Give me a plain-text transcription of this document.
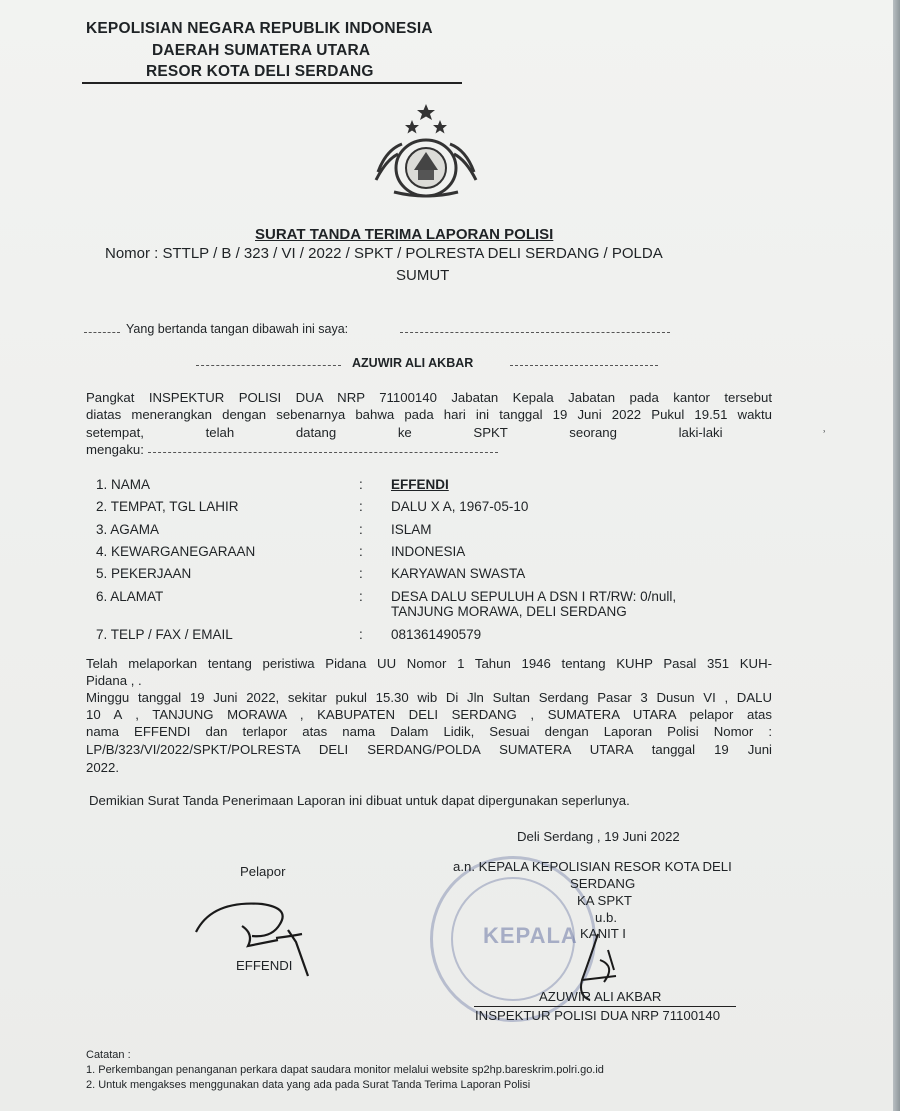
KEPOLISIAN NEGARA REPUBLIK INDONESIA
DAERAH SUMATERA UTARA
RESOR KOTA DELI SERDANG
SURAT TANDA TERIMA LAPORAN POLISI
Nomor : STTLP / B / 323 / VI / 2022 / SPKT / POLRESTA DELI SERDANG / POLDA
SUMUT
Yang bertanda tangan dibawah ini saya:
AZUWIR ALI AKBAR
Pangkat INSPEKTUR POLISI DUA NRP 71100140 Jabatan Kepala Jabatan pada kantor tersebut
diatas menerangkan dengan sebenarnya bahwa pada hari ini tanggal 19 Juni 2022 Pukul 19.51 waktu
setempat, telah datang ke SPKT seorang laki-laki
mengaku:
1. NAMA	: EFFENDI
2. TEMPAT, TGL LAHIR	: DALU X A, 1967-05-10
3. AGAMA	: ISLAM
4. KEWARGANEGARAAN	: INDONESIA
5. PEKERJAAN	: KARYAWAN SWASTA
6. ALAMAT	: DESA DALU SEPULUH A DSN I RT/RW: 0/null,
TANJUNG MORAWA, DELI SERDANG
7. TELP / FAX / EMAIL	: 081361490579
Telah melaporkan tentang peristiwa Pidana UU Nomor 1 Tahun 1946 tentang KUHP Pasal 351 KUH-
Pidana , .
Minggu tanggal 19 Juni 2022, sekitar pukul 15.30 wib Di Jln Sultan Serdang Pasar 3 Dusun VI , DALU
10 A , TANJUNG MORAWA , KABUPATEN DELI SERDANG , SUMATERA UTARA pelapor atas
nama EFFENDI dan terlapor atas nama Dalam Lidik, Sesuai dengan Laporan Polisi Nomor :
LP/B/323/VI/2022/SPKT/POLRESTA DELI SERDANG/POLDA SUMATERA UTARA tanggal 19 Juni
2022.
Demikian Surat Tanda Penerimaan Laporan ini dibuat untuk dapat dipergunakan seperlunya.
Deli Serdang , 19 Juni 2022
Pelapor
KEPALA
EFFENDI
a.n. KEPALA KEPOLISIAN RESOR KOTA DELI
SERDANG
KA SPKT
u.b.
KANIT I
AZUWIR ALI AKBAR
INSPEKTUR POLISI DUA NRP 71100140
Catatan :
1. Perkembangan penanganan perkara dapat saudara monitor melalui website sp2hp.bareskrim.polri.go.id
2. Untuk mengakses menggunakan data yang ada pada Surat Tanda Terima Laporan Polisi
ʾ
